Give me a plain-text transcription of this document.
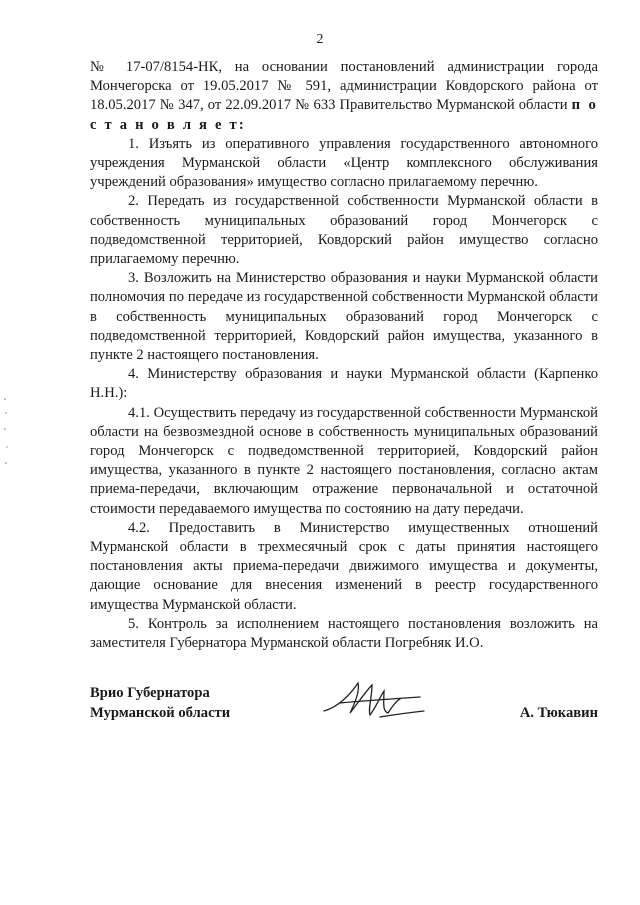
2

№ 17-07/8154-НК, на основании постановлений администрации города Мончегорска от 19.05.2017 № 591, администрации Ковдорского района от 18.05.2017 № 347, от 22.09.2017 № 633 Правительство Мурманской области п о с т а н о в л я е т:

1. Изъять из оперативного управления государственного автономного учреждения Мурманской области «Центр комплексного обслуживания учреждений образования» имущество согласно прилагаемому перечню.

2. Передать из государственной собственности Мурманской области в собственность муниципальных образований город Мончегорск с подведомственной территорией, Ковдорский район имущество согласно прилагаемому перечню.

3. Возложить на Министерство образования и науки Мурманской области полномочия по передаче из государственной собственности Мурманской области в собственность муниципальных образований город Мончегорск с подведомственной территорией, Ковдорский район имущества, указанного в пункте 2 настоящего постановления.

4. Министерству образования и науки Мурманской области (Карпенко Н.Н.):

4.1. Осуществить передачу из государственной собственности Мурманской области на безвозмездной основе в собственность муниципальных образований город Мончегорск с подведомственной территорией, Ковдорский район имущества, указанного в пункте 2 настоящего постановления, согласно актам приема-передачи, включающим отражение первоначальной и остаточной стоимости передаваемого имущества по состоянию на дату передачи.

4.2. Предоставить в Министерство имущественных отношений Мурманской области в трехмесячный срок с даты принятия настоящего постановления акты приема-передачи движимого имущества и документы, дающие основание для внесения изменений в реестр государственного имущества Мурманской области.

5. Контроль за исполнением настоящего постановления возложить на заместителя Губернатора Мурманской области Погребняк И.О.

Врио Губернатора
Мурманской области	А. Тюкавин
